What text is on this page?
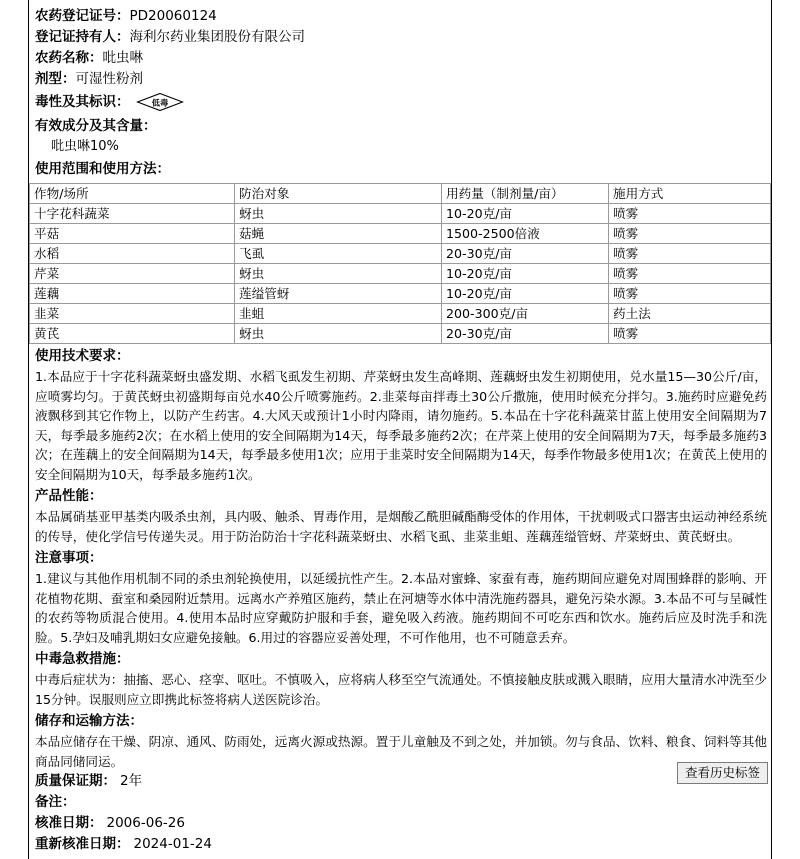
农药登记证号：PD20060124
登记证持有人：海利尔药业集团股份有限公司
农药名称：吡虫啉
剂型：可湿性粉剂
毒性及其标识：	低毒
有效成分及其含量：
吡虫啉10%
使用范围和使用方法：
作物/场所	防治对象	用药量（制剂量/亩）	施用方式
十字花科蔬菜	蚜虫	10-20克/亩	喷雾
平菇	菇蝇	1500-2500倍液	喷雾
水稻	飞虱	20-30克/亩	喷雾
芹菜	蚜虫	10-20克/亩	喷雾
莲藕	莲缢管蚜	10-20克/亩	喷雾
韭菜	韭蛆	200-300克/亩	药土法
黄芪	蚜虫	20-30克/亩	喷雾
使用技术要求：
1.本品应于十字花科蔬菜蚜虫盛发期、水稻飞虱发生初期、芹菜蚜虫发生高峰期、莲藕蚜虫发生初期使用，兑水量15—30公斤/亩，应喷雾均匀。于黄芪蚜虫初盛期每亩兑水40公斤喷雾施药。2.韭菜每亩拌毒土30公斤撒施，使用时候充分拌匀。3.施药时应避免药液飘移到其它作物上，以防产生药害。4.大风天或预计1小时内降雨，请勿施药。5.本品在十字花科蔬菜甘蓝上使用安全间隔期为7天，每季最多施药2次；在水稻上使用的安全间隔期为14天，每季最多施药2次；在芹菜上使用的安全间隔期为7天，每季最多施药3次；在莲藕上的安全间隔期为14天，每季最多使用1次；应用于韭菜时安全间隔期为14天，每季作物最多使用1次；在黄芪上使用的安全间隔期为10天，每季最多施药1次。
产品性能：
本品属硝基亚甲基类内吸杀虫剂，具内吸、触杀、胃毒作用，是烟酸乙酰胆碱酯酶受体的作用体，干扰刺吸式口器害虫运动神经系统的传导，使化学信号传递失灵。用于防治防治十字花科蔬菜蚜虫、水稻飞虱、韭菜韭蛆、莲藕莲缢管蚜、芹菜蚜虫、黄芪蚜虫。
注意事项：
1.建议与其他作用机制不同的杀虫剂轮换使用，以延缓抗性产生。2.本品对蜜蜂、家蚕有毒，施药期间应避免对周围蜂群的影响、开花植物花期、蚕室和桑园附近禁用。远离水产养殖区施药，禁止在河塘等水体中清洗施药器具，避免污染水源。3.本品不可与呈碱性的农药等物质混合使用。4.使用本品时应穿戴防护服和手套，避免吸入药液。施药期间不可吃东西和饮水。施药后应及时洗手和洗脸。5.孕妇及哺乳期妇女应避免接触。6.用过的容器应妥善处理，不可作他用，也不可随意丢弃。
中毒急救措施：
中毒后症状为：抽搐、恶心、痉挛、呕吐。不慎吸入，应将病人移至空气流通处。不慎接触皮肤或溅入眼睛，应用大量清水冲洗至少15分钟。误服则应立即携此标签将病人送医院诊治。
储存和运输方法：
本品应储存在干燥、阴凉、通风、防雨处，远离火源或热源。置于儿童触及不到之处，并加锁。勿与食品、饮料、粮食、饲料等其他商品同储同运。
质量保证期： 2年
备注：
核准日期： 2006-06-26
重新核准日期： 2024-01-24
查看历史标签
